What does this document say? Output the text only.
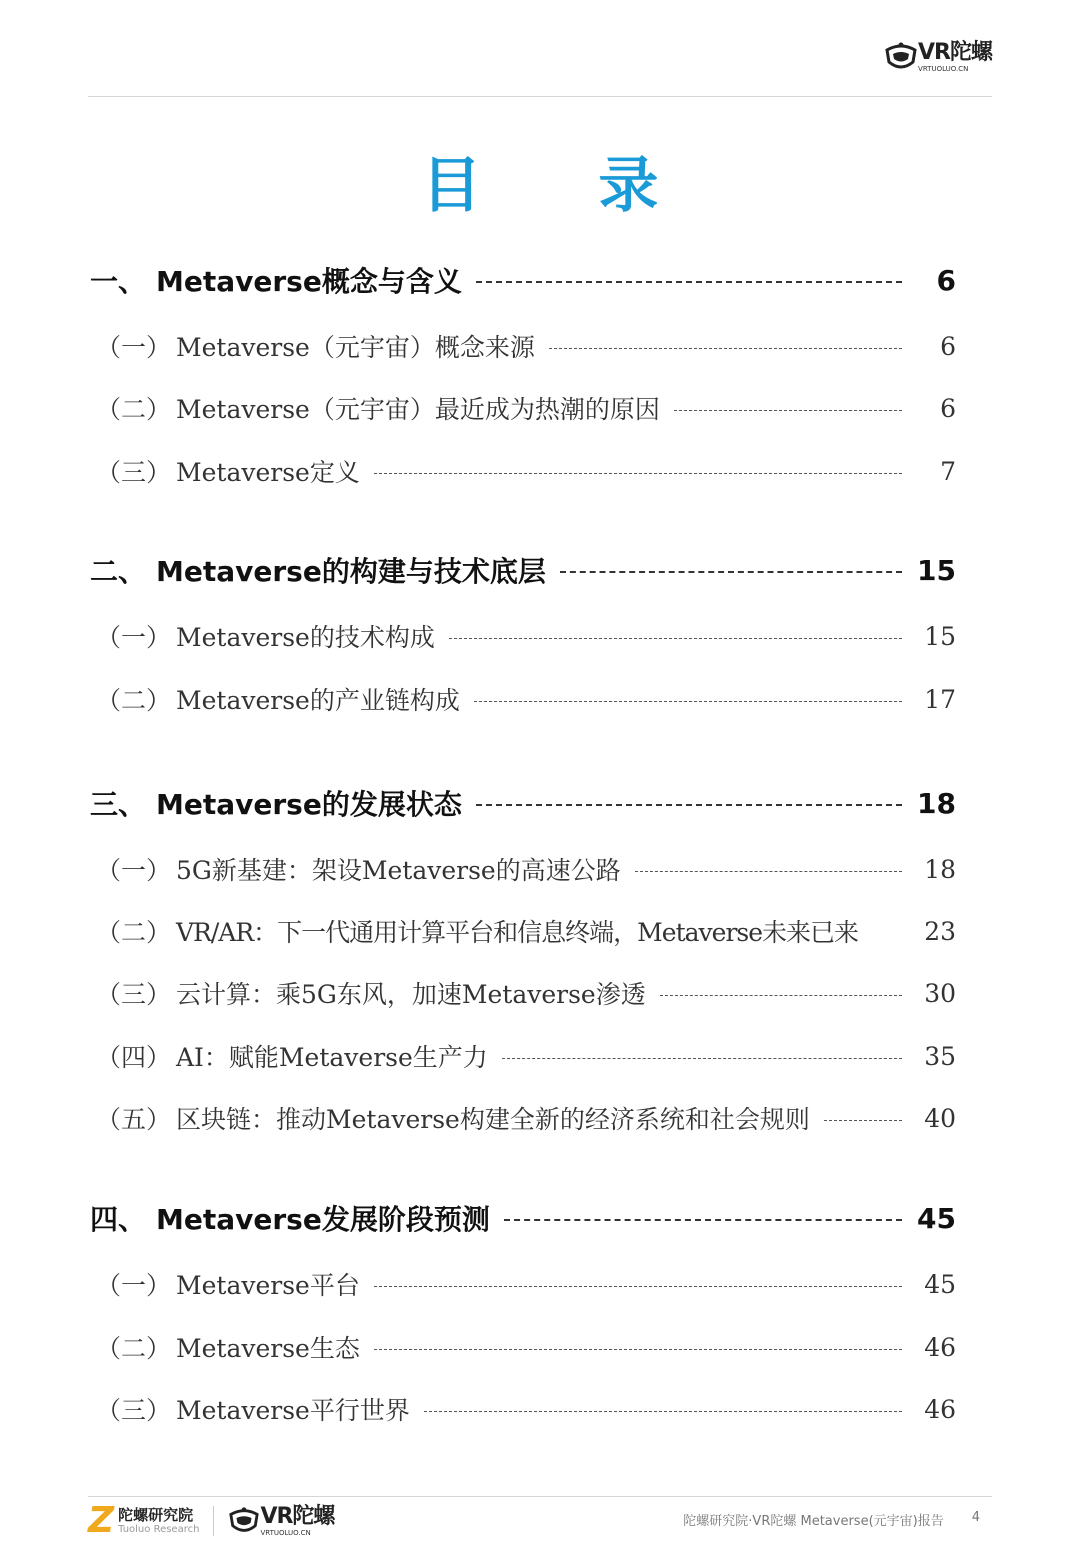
VR陀螺
VRTUOLUO.CN
目 录
一、 Metaverse概念与含义	6
（一） Metaverse（元宇宙）概念来源	6
（二） Metaverse（元宇宙）最近成为热潮的原因	6
（三） Metaverse定义	7
二、 Metaverse的构建与技术底层	15
（一） Metaverse的技术构成	15
（二） Metaverse的产业链构成	17
三、 Metaverse的发展状态	18
（一） 5G新基建：架设Metaverse的高速公路	18
（二） VR/AR：下一代通用计算平台和信息终端，Metaverse未来已来	23
（三） 云计算：乘5G东风，加速Metaverse渗透	30
（四） AI：赋能Metaverse生产力	35
（五） 区块链：推动Metaverse构建全新的经济系统和社会规则	40
四、 Metaverse发展阶段预测	45
（一） Metaverse平台	45
（二） Metaverse生态	46
（三） Metaverse平行世界	46
Z 陀螺研究院
Tuoluo Research
VR陀螺
VRTUOLUO.CN
陀螺研究院·VR陀螺 Metaverse(元宇宙)报告 4
